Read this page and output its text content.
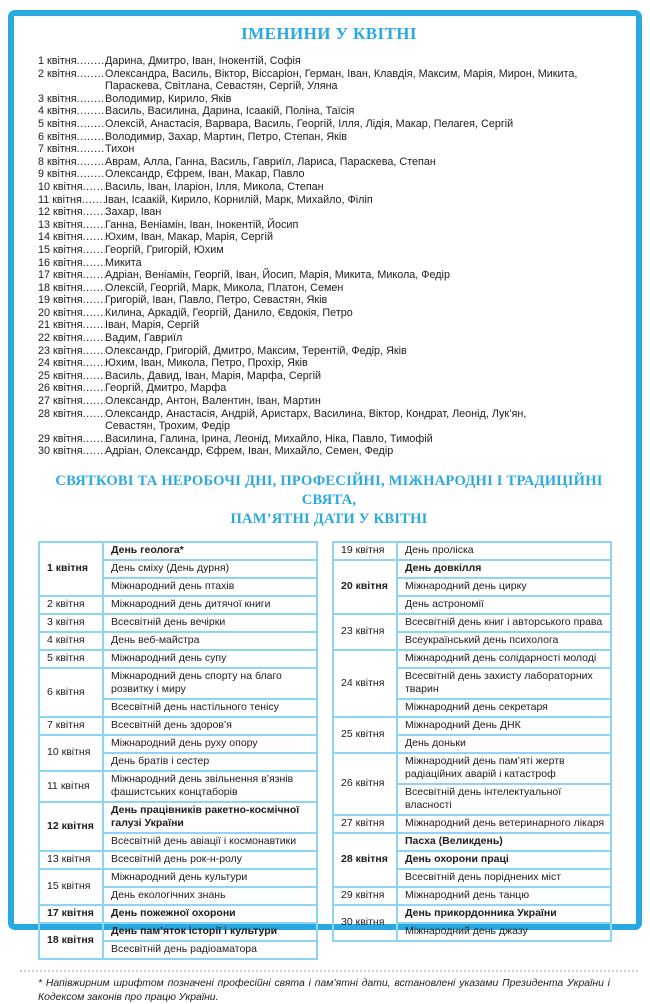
ІМЕНИНИ У КВІТНІ
1 квітня .....	Дарина, Дмитро, Іван, Інокентій, Софія
2 квітня .....	Олександра, Василь, Віктор, Віссаріон, Герман, Іван, Клавдія, Максим, Марія, Мирон, Микита, Параскева, Світлана, Севастян, Сергій, Уляна
3 квітня .....	Володимир, Кирило, Яків
4 квітня .....	Василь, Василина, Дарина, Ісаакій, Поліна, Таїсія
5 квітня .....	Олексій, Анастасія, Варвара, Василь, Георгій, Ілля, Лідія, Макар, Пелагея, Сергій
6 квітня .....	Володимир, Захар, Мартин, Петро, Степан, Яків
7 квітня .....	Тихон
8 квітня .....	Аврам, Алла, Ганна, Василь, Гавриїл, Лариса, Параскева, Степан
9 квітня .....	Олександр, Єфрем, Іван, Макар, Павло
10 квітня .....	Василь, Іван, Іларіон, Ілля, Микола, Степан
11 квітня .....	Іван, Ісаакій, Кирило, Корнилій, Марк, Михайло, Філіп
12 квітня .....	Захар, Іван
13 квітня .....	Ганна, Веніамін, Іван, Інокентій, Йосип
14 квітня .....	Юхим, Іван, Макар, Марія, Сергій
15 квітня .....	Георгій, Григорій, Юхим
16 квітня .....	Микита
17 квітня .....	Адріан, Веніамін, Георгій, Іван, Йосип, Марія, Микита, Микола, Федір
18 квітня .....	Олексій, Георгій, Марк, Микола, Платон, Семен
19 квітня .....	Григорій, Іван, Павло, Петро, Севастян, Яків
20 квітня .....	Килина, Аркадій, Георгій, Данило, Євдокія, Петро
21 квітня .....	Іван, Марія, Сергій
22 квітня .....	Вадим, Гавриїл
23 квітня .....	Олександр, Григорій, Дмитро, Максим, Терентій, Федір, Яків
24 квітня .....	Юхим, Іван, Микола, Петро, Прохір, Яків
25 квітня .....	Василь, Давид, Іван, Марія, Марфа, Сергій
26 квітня .....	Георгій, Дмитро, Марфа
27 квітня .....	Олександр, Антон, Валентин, Іван, Мартин
28 квітня .....	Олександр, Анастасія, Андрій, Аристарх, Василина, Віктор, Кондрат, Леонід, Лук’ян, Севастян, Трохим, Федір
29 квітня .....	Василина, Галина, Ірина, Леонід, Михайло, Ніка, Павло, Тимофій
30 квітня .....	Адріан, Олександр, Єфрем, Іван, Михайло, Семен, Федір
СВЯТКОВІ ТА НЕРОБОЧІ ДНІ, ПРОФЕСІЙНІ, МІЖНАРОДНІ І ТРАДИЦІЙНІ СВЯТА,
ПАМ’ЯТНІ ДАТИ У КВІТНІ
1 квітня	День геолога*
	День сміху (День дурня)
	Міжнародний день птахів
2 квітня	Міжнародний день дитячої книги
3 квітня	Всесвітній день вечірки
4 квітня	День веб-майстра
5 квітня	Міжнародний день супу
6 квітня	Міжнародний день спорту на благо розвитку і миру
	Всесвітній день настільного тенісу
7 квітня	Всесвітній день здоров’я
10 квітня	Міжнародний день руху опору
	День братів і сестер
11 квітня	Міжнародний день звільнення в’язнів фашистських концтаборів
12 квітня	День працівників ракетно-космічної галузі України
	Всесвітній день авіації і космонавтики
13 квітня	Всесвітній день рок-н-ролу
15 квітня	Міжнародний день культури
	День екологічних знань
17 квітня	День пожежної охорони
18 квітня	День пам’яток історії і культури
	Всесвітній день радіоаматора
19 квітня	День проліска
20 квітня	День довкілля
	Міжнародний день цирку
	День астрономії
23 квітня	Всесвітній день книг і авторського права
	Всеукраїнський день психолога
24 квітня	Міжнародний день солідарності молоді
	Всесвітній день захисту лабораторних тварин
	Міжнародний день секретаря
25 квітня	Міжнародний День ДНК
	День доньки
26 квітня	Міжнародний день пам’яті жертв радіаційних аварій і катастроф
	Всесвітній день інтелектуальної власності
27 квітня	Міжнародний день ветеринарного лікаря
28 квітня	Пасха (Великдень)
	День охорони праці
	Всесвітній день поріднених міст
29 квітня	Міжнародний день танцю
30 квітня	День прикордонника України
	Міжнародний день джазу

* Напівжирним шрифтом позначені професійні свята і пам’ятні дати, встановлені указами Президента України і Кодексом законів про працю України.
